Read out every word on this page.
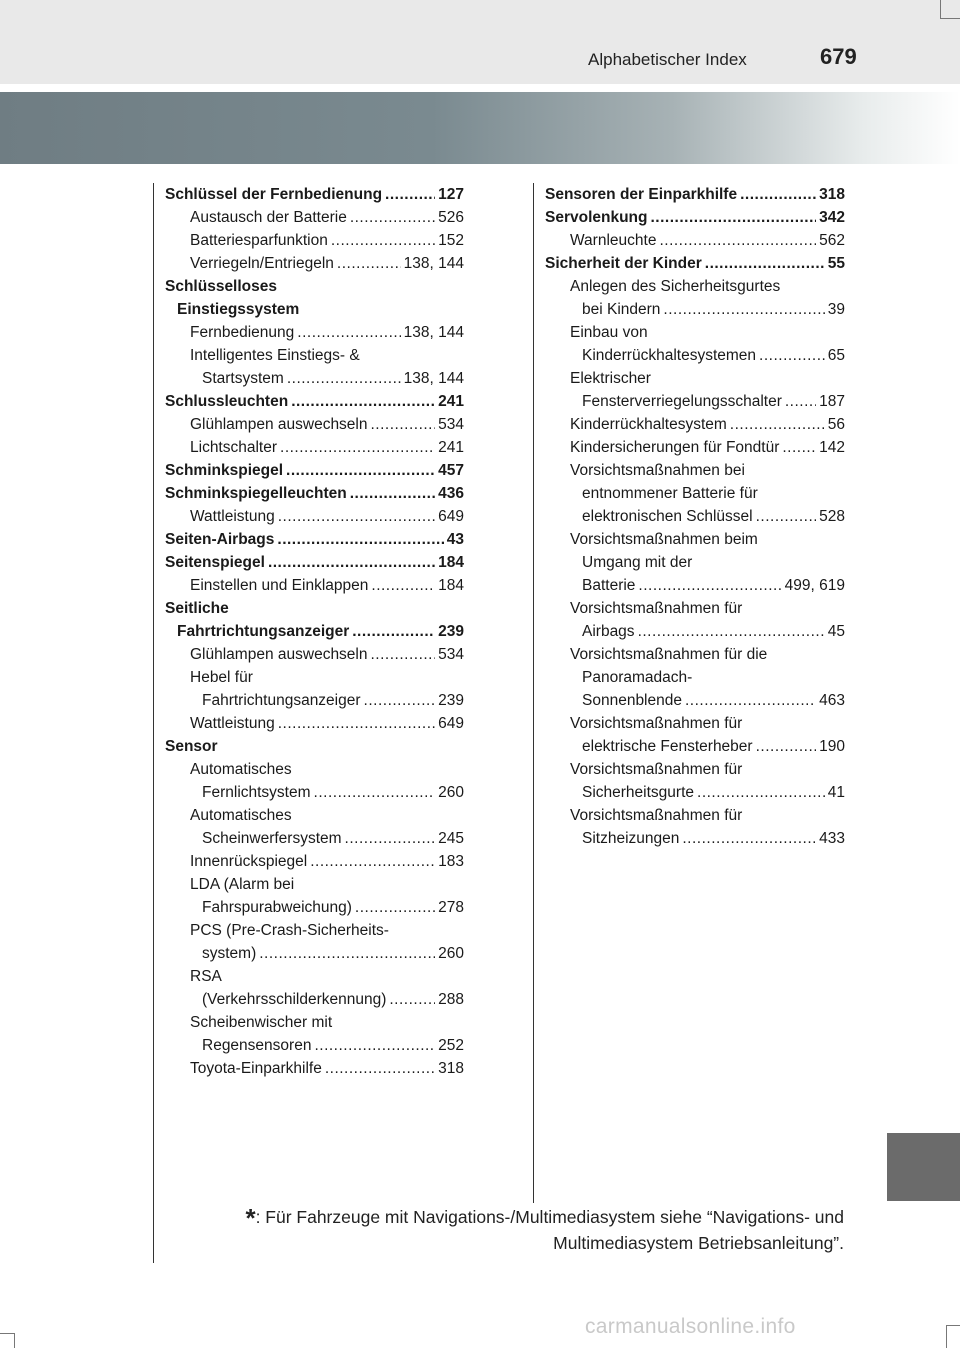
Alphabetischer Index	679
Schlüssel der Fernbedienung .....	127
Austausch der Batterie .....	526
Batteriesparfunktion .....	152
Verriegeln/Entriegeln .....	138, 144
Schlüsselloses
Einstiegssystem
Fernbedienung .....	138, 144
Intelligentes Einstiegs- &
Startsystem .....	138, 144
Schlussleuchten .....	241
Glühlampen auswechseln .....	534
Lichtschalter .....	241
Schminkspiegel .....	457
Schminkspiegelleuchten .....	436
Wattleistung .....	649
Seiten-Airbags .....	43
Seitenspiegel .....	184
Einstellen und Einklappen .....	184
Seitliche
Fahrtrichtungsanzeiger .....	239
Glühlampen auswechseln .....	534
Hebel für
Fahrtrichtungsanzeiger .....	239
Wattleistung .....	649
Sensor
Automatisches
Fernlichtsystem .....	260
Automatisches
Scheinwerfersystem .....	245
Innenrückspiegel .....	183
LDA (Alarm bei
Fahrspurabweichung) .....	278
PCS (Pre-Crash-Sicherheits-
system) .....	260
RSA
(Verkehrsschilderkennung) .....	288
Scheibenwischer mit
Regensensoren .....	252
Toyota-Einparkhilfe .....	318
Sensoren der Einparkhilfe .....	318
Servolenkung .....	342
Warnleuchte .....	562
Sicherheit der Kinder .....	55
Anlegen des Sicherheitsgurtes
bei Kindern .....	39
Einbau von
Kinderrückhaltesystemen .....	65
Elektrischer
Fensterverriegelungsschalter ..... 187
Kinderrückhaltesystem .....	56
Kindersicherungen für Fondtür .....	142
Vorsichtsmaßnahmen bei
entnommener Batterie für
elektronischen Schlüssel .....	528
Vorsichtsmaßnahmen beim
Umgang mit der
Batterie .....	499, 619
Vorsichtsmaßnahmen für
Airbags .....	45
Vorsichtsmaßnahmen für die
Panoramadach-
Sonnenblende .....	463
Vorsichtsmaßnahmen für
elektrische Fensterheber .....	190
Vorsichtsmaßnahmen für
Sicherheitsgurte .....	41
Vorsichtsmaßnahmen für
Sitzheizungen .....	433
*: Für Fahrzeuge mit Navigations-/Multimediasystem siehe “Navigations- und
Multimediasystem Betriebsanleitung”.
carmanualsonline.info
